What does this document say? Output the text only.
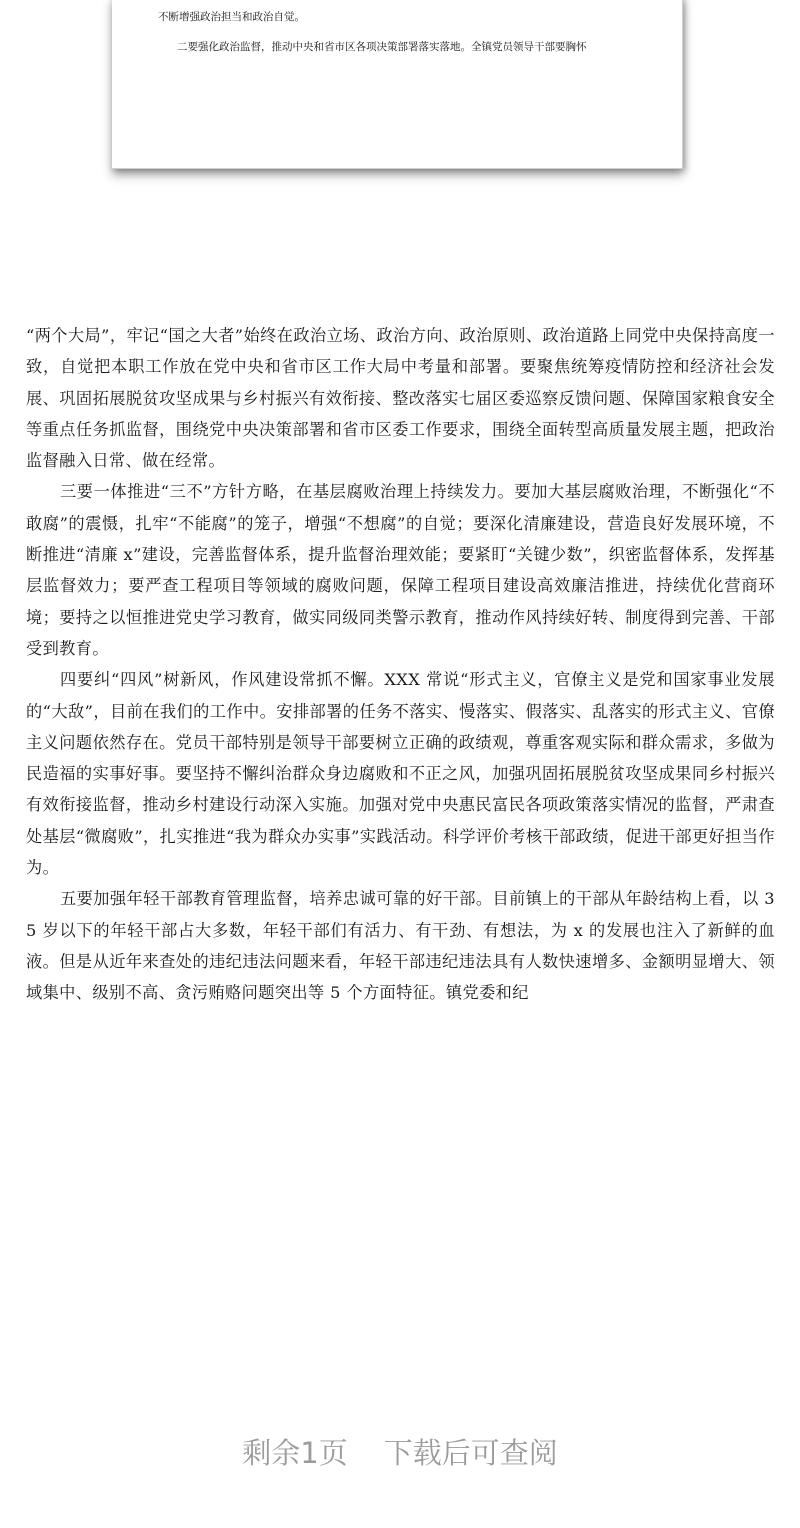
不断增强政治担当和政治自觉。
二要强化政治监督，推动中央和省市区各项决策部署落实落地。全镇党员领导干部要胸怀

“两个大局”，牢记“国之大者”始终在政治立场、政治方向、政治原则、政治道路上同党中央保持高度一致，自觉把本职工作放在党中央和省市区工作大局中考量和部署。要聚焦统筹疫情防控和经济社会发展、巩固拓展脱贫攻坚成果与乡村振兴有效衔接、整改落实七届区委巡察反馈问题、保障国家粮食安全等重点任务抓监督，围绕党中央决策部署和省市区委工作要求，围绕全面转型高质量发展主题，把政治监督融入日常、做在经常。

三要一体推进“三不”方针方略，在基层腐败治理上持续发力。要加大基层腐败治理，不断强化“不敢腐”的震慑，扎牢“不能腐”的笼子，增强“不想腐”的自觉；要深化清廉建设，营造良好发展环境，不断推进“清廉 x”建设，完善监督体系，提升监督治理效能；要紧盯“关键少数”，织密监督体系，发挥基层监督效力；要严查工程项目等领域的腐败问题，保障工程项目建设高效廉洁推进，持续优化营商环境；要持之以恒推进党史学习教育，做实同级同类警示教育，推动作风持续好转、制度得到完善、干部受到教育。

四要纠“四风”树新风，作风建设常抓不懈。XXX 常说“形式主义，官僚主义是党和国家事业发展的“大敌”，目前在我们的工作中。安排部署的任务不落实、慢落实、假落实、乱落实的形式主义、官僚主义问题依然存在。党员干部特别是领导干部要树立正确的政绩观，尊重客观实际和群众需求，多做为民造福的实事好事。要坚持不懈纠治群众身边腐败和不正之风，加强巩固拓展脱贫攻坚成果同乡村振兴有效衔接监督，推动乡村建设行动深入实施。加强对党中央惠民富民各项政策落实情况的监督，严肃查处基层“微腐败”，扎实推进“我为群众办实事”实践活动。科学评价考核干部政绩，促进干部更好担当作为。

五要加强年轻干部教育管理监督，培养忠诚可靠的好干部。目前镇上的干部从年龄结构上看，以 35 岁以下的年轻干部占大多数，年轻干部们有活力、有干劲、有想法，为 x 的发展也注入了新鲜的血液。但是从近年来查处的违纪违法问题来看，年轻干部违纪违法具有人数快速增多、金额明显增大、领域集中、级别不高、贪污贿赂问题突出等 5 个方面特征。镇党委和纪

剩余1页 下载后可查阅
